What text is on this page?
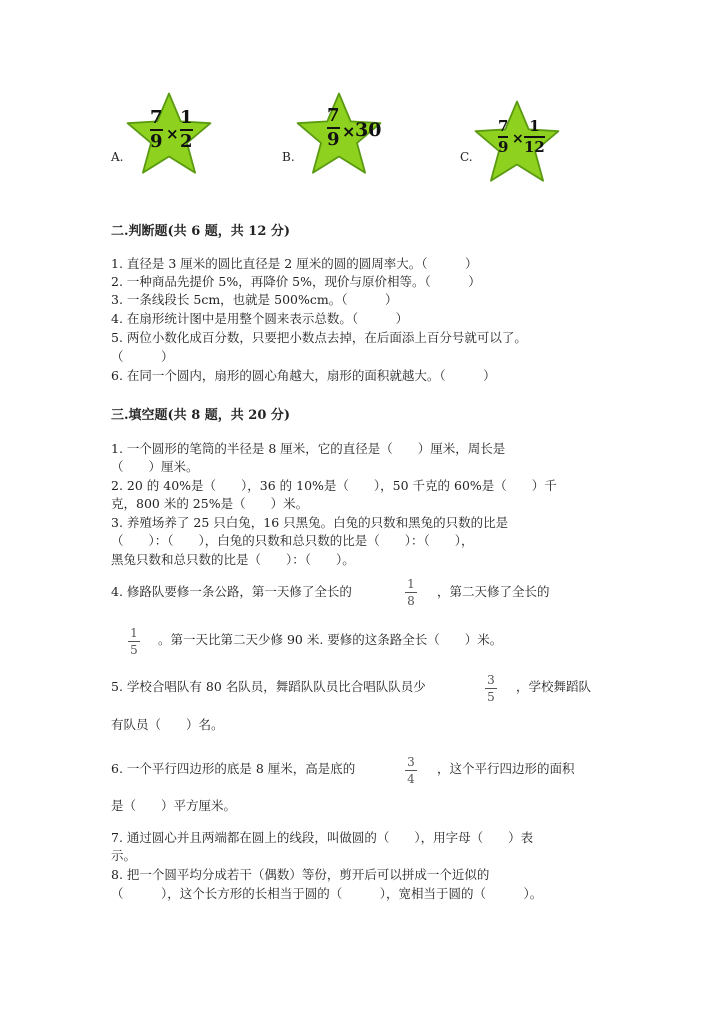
A.
7
9 ×
1
2
B.
7
9 × 30
C.
7
9 ×
1
12
二.判断题(共 6 题，共 12 分)
1. 直径是 3 厘米的圆比直径是 2 厘米的圆的圆周率大。（　　　）
2. 一种商品先提价 5%，再降价 5%，现价与原价相等。（　　　）
3. 一条线段长 5cm，也就是 500%cm。（　　　）
4. 在扇形统计图中是用整个圆来表示总数。（　　　）
5. 两位小数化成百分数，只要把小数点去掉，在后面添上百分号就可以了。
（　　　）
6. 在同一个圆内，扇形的圆心角越大，扇形的面积就越大。（　　　）
三.填空题(共 8 题，共 20 分)
1. 一个圆形的笔筒的半径是 8 厘米，它的直径是（　　）厘米，周长是
（　　）厘米。
2. 20 的 40%是（　　），36 的 10%是（　　），50 千克的 60%是（　　）千
克，800 米的 25%是（　　）米。
3. 养殖场养了 25 只白兔，16 只黑兔。白兔的只数和黑兔的只数的比是
（　　）：（　　），白兔的只数和总只数的比是（　　）：（　　），
黑兔只数和总只数的比是（　　）：（　　）。
4. 修路队要修一条公路，第一天修了全长的	1
8
，第二天修了全长的
1
5
。第一天比第二天少修 90 米. 要修的这条路全长（　　）米。
5. 学校合唱队有 80 名队员，舞蹈队队员比合唱队队员少	3
5
，学校舞蹈队
有队员（　　）名。
6. 一个平行四边形的底是 8 厘米，高是底的	3
4
，这个平行四边形的面积
是（　　）平方厘米。
7. 通过圆心并且两端都在圆上的线段，叫做圆的（　　），用字母（　　）表
示。
8. 把一个圆平均分成若干（偶数）等份，剪开后可以拼成一个近似的
（　　　），这个长方形的长相当于圆的（　　　），宽相当于圆的（　　　）。
